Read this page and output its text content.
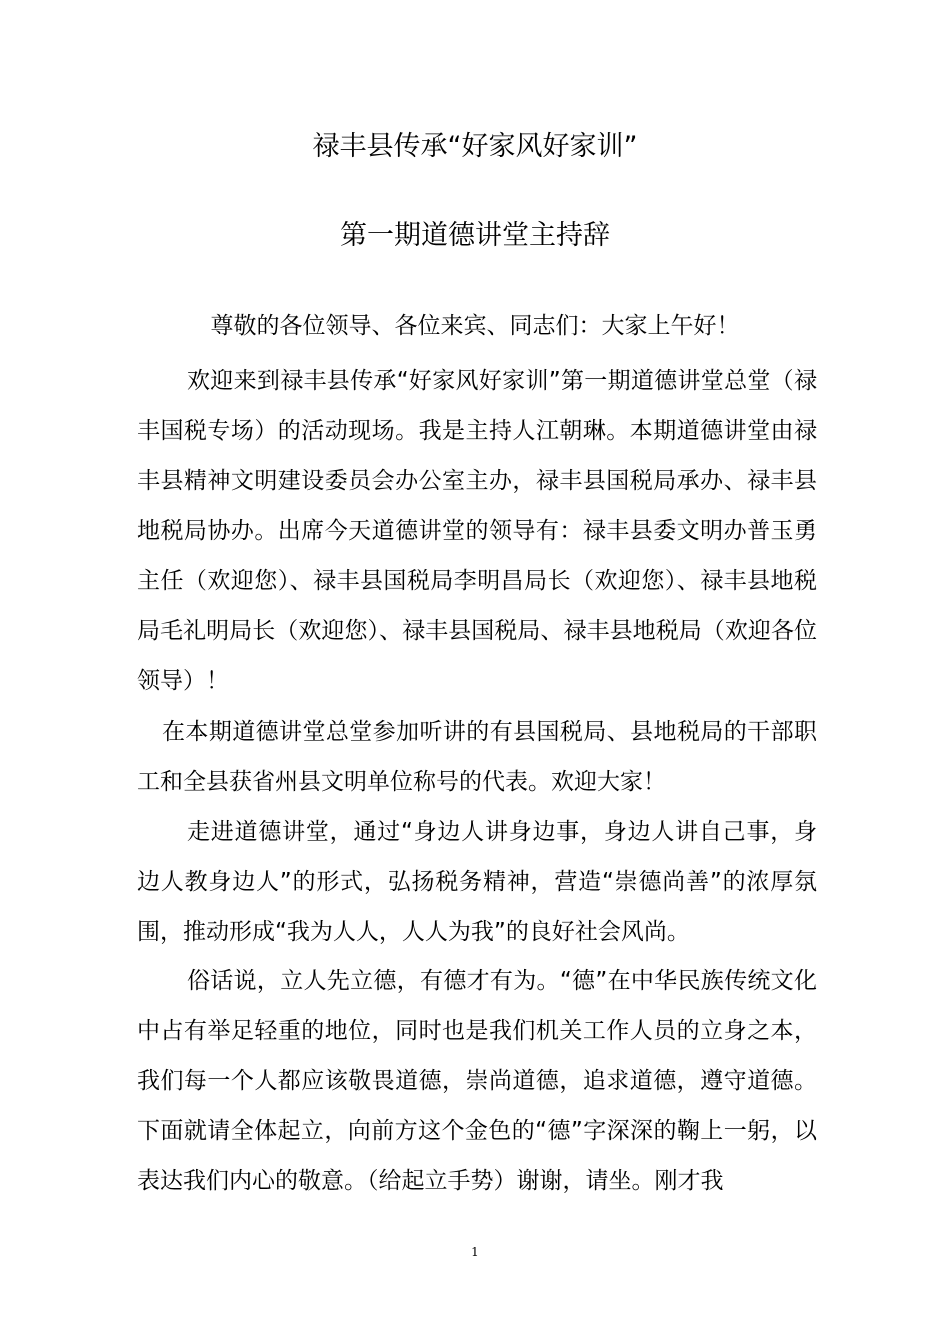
禄丰县传承“好家风好家训”
第一期道德讲堂主持辞

尊敬的各位领导、各位来宾、同志们：大家上午好！

欢迎来到禄丰县传承“好家风好家训”第一期道德讲堂总堂（禄丰国税专场）的活动现场。我是主持人江朝琳。本期道德讲堂由禄丰县精神文明建设委员会办公室主办，禄丰县国税局承办、禄丰县地税局协办。出席今天道德讲堂的领导有：禄丰县委文明办普玉勇主任（欢迎您）、禄丰县国税局李明昌局长（欢迎您）、禄丰县地税局毛礼明局长（欢迎您）、禄丰县国税局、禄丰县地税局（欢迎各位领导）！

在本期道德讲堂总堂参加听讲的有县国税局、县地税局的干部职工和全县获省州县文明单位称号的代表。欢迎大家！

走进道德讲堂，通过“身边人讲身边事，身边人讲自己事，身边人教身边人”的形式，弘扬税务精神，营造“崇德尚善”的浓厚氛围，推动形成“我为人人，人人为我”的良好社会风尚。

俗话说，立人先立德，有德才有为。“德”在中华民族传统文化中占有举足轻重的地位，同时也是我们机关工作人员的立身之本，我们每一个人都应该敬畏道德，崇尚道德，追求道德，遵守道德。下面就请全体起立，向前方这个金色的“德”字深深的鞠上一躬，以表达我们内心的敬意。（给起立手势）谢谢，请坐。刚才我

1
